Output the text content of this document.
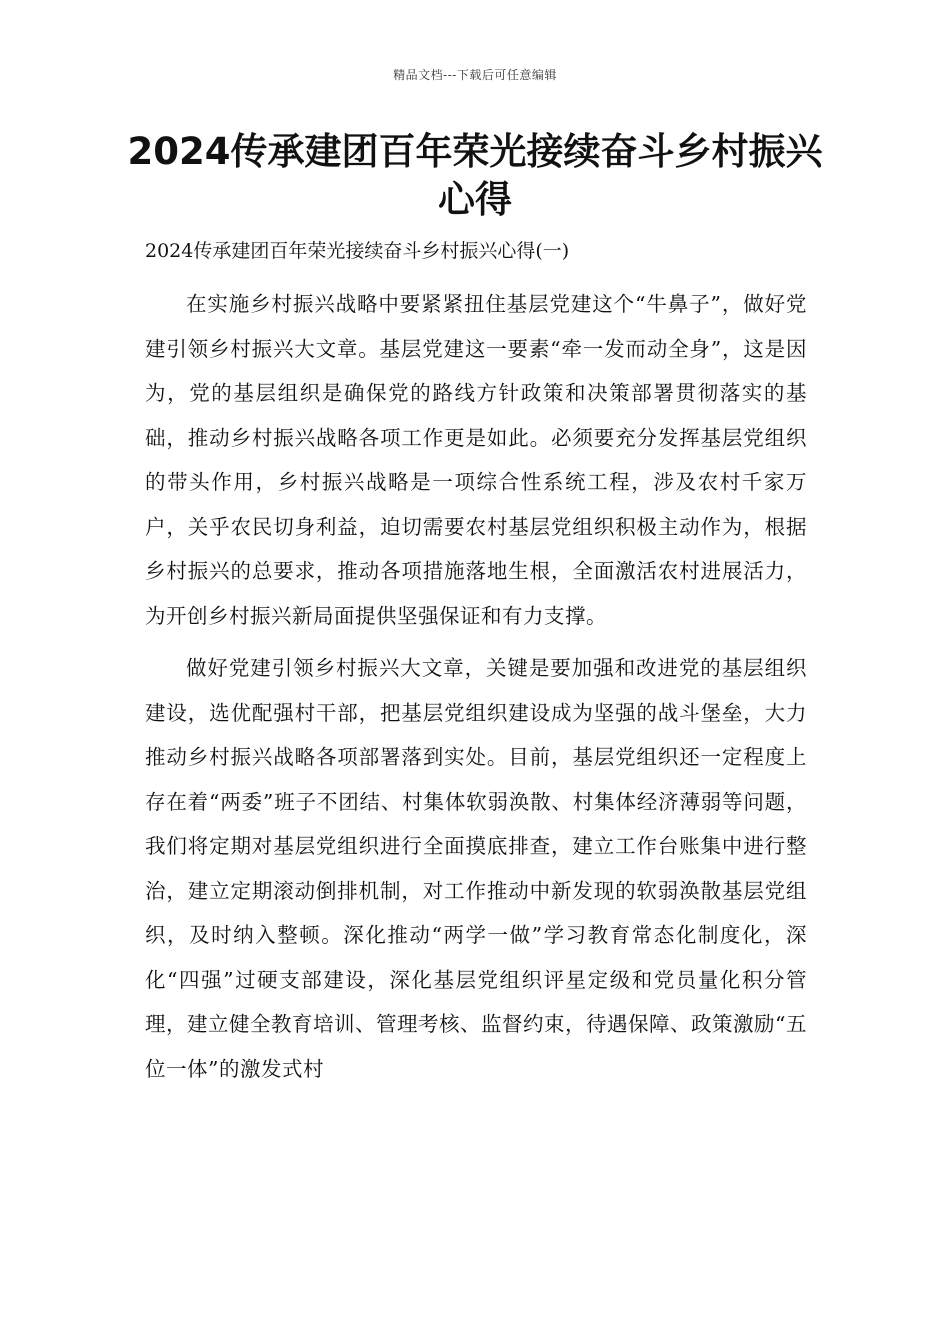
精品文档---下载后可任意编辑
2024传承建团百年荣光接续奋斗乡村振兴心得

2024传承建团百年荣光接续奋斗乡村振兴心得(一)

在实施乡村振兴战略中要紧紧扭住基层党建这个“牛鼻子”，做好党建引领乡村振兴大文章。基层党建这一要素“牵一发而动全身”，这是因为，党的基层组织是确保党的路线方针政策和决策部署贯彻落实的基础，推动乡村振兴战略各项工作更是如此。必须要充分发挥基层党组织的带头作用，乡村振兴战略是一项综合性系统工程，涉及农村千家万户，关乎农民切身利益，迫切需要农村基层党组织积极主动作为，根据乡村振兴的总要求，推动各项措施落地生根，全面激活农村进展活力，为开创乡村振兴新局面提供坚强保证和有力支撑。

做好党建引领乡村振兴大文章，关键是要加强和改进党的基层组织建设，选优配强村干部，把基层党组织建设成为坚强的战斗堡垒，大力推动乡村振兴战略各项部署落到实处。目前，基层党组织还一定程度上存在着“两委”班子不团结、村集体软弱涣散、村集体经济薄弱等问题，我们将定期对基层党组织进行全面摸底排查，建立工作台账集中进行整治，建立定期滚动倒排机制，对工作推动中新发现的软弱涣散基层党组织，及时纳入整顿。深化推动“两学一做”学习教育常态化制度化，深化“四强”过硬支部建设，深化基层党组织评星定级和党员量化积分管理，建立健全教育培训、管理考核、监督约束，待遇保障、政策激励“五位一体”的激发式村
